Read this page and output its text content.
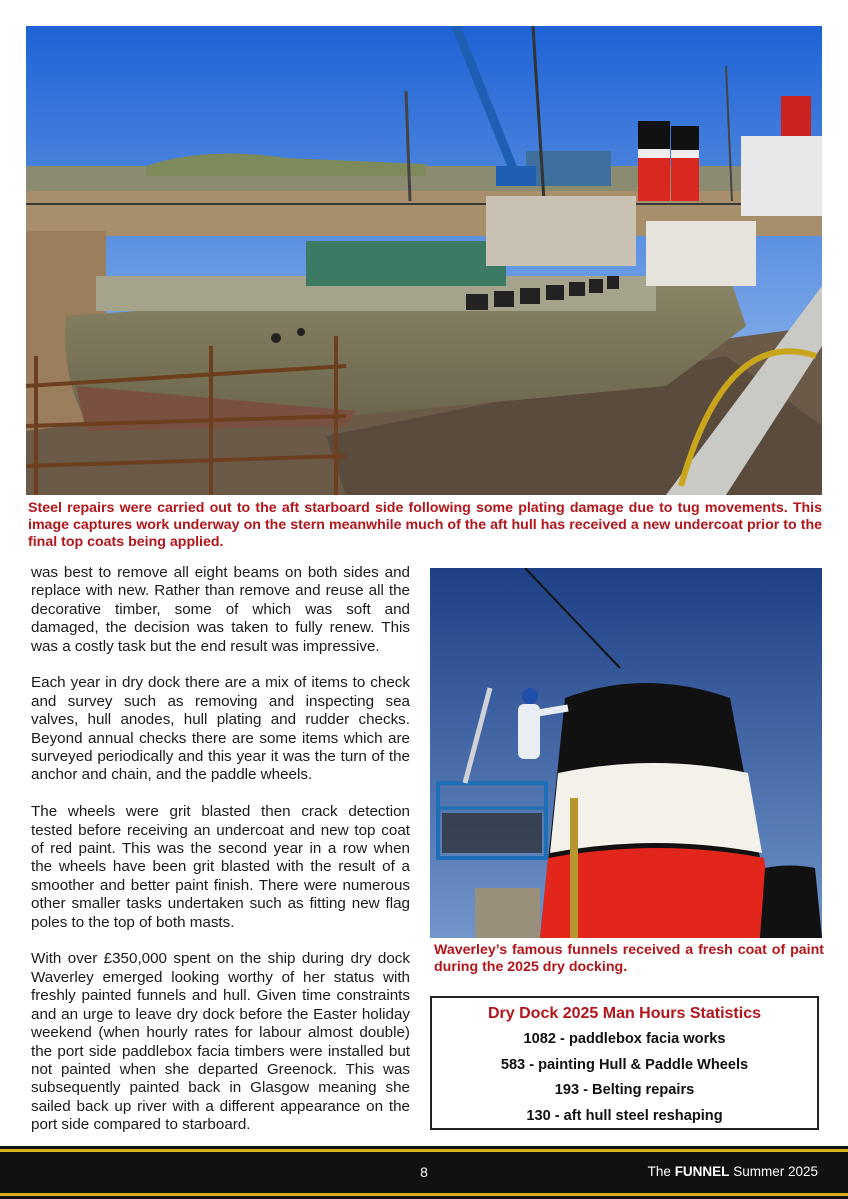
Steel repairs were carried out to the aft starboard side following some plating damage due to tug movements. This image captures work underway on the stern meanwhile much of the aft hull has received a new undercoat prior to the final top coats being applied.

was best to remove all eight beams on both sides and replace with new. Rather than remove and reuse all the decorative timber, some of which was soft and damaged, the decision was taken to fully renew. This was a costly task but the end result was impressive.

Each year in dry dock there are a mix of items to check and survey such as removing and inspecting sea valves, hull anodes, hull plating and rudder checks. Beyond annual checks there are some items which are surveyed periodically and this year it was the turn of the anchor and chain, and the paddle wheels.

The wheels were grit blasted then crack detection tested before receiving an undercoat and new top coat of red paint. This was the second year in a row when the wheels have been grit blasted with the result of a smoother and better paint finish. There were numerous other smaller tasks undertaken such as fitting new flag poles to the top of both masts.

With over £350,000 spent on the ship during dry dock Waverley emerged looking worthy of her status with freshly painted funnels and hull. Given time constraints and an urge to leave dry dock before the Easter holiday weekend (when hourly rates for labour almost double) the port side paddlebox facia timbers were installed but not painted when she departed Greenock. This was subsequently painted back in Glasgow meaning she sailed back up river with a different appearance on the port side compared to starboard.

Waverley’s famous funnels received a fresh coat of paint during the 2025 dry docking.
Dry Dock 2025 Man Hours Statistics
1082 - paddlebox facia works
583 - painting Hull & Paddle Wheels
193 - Belting repairs
130 - aft hull steel reshaping
8	The FUNNEL Summer 2025
